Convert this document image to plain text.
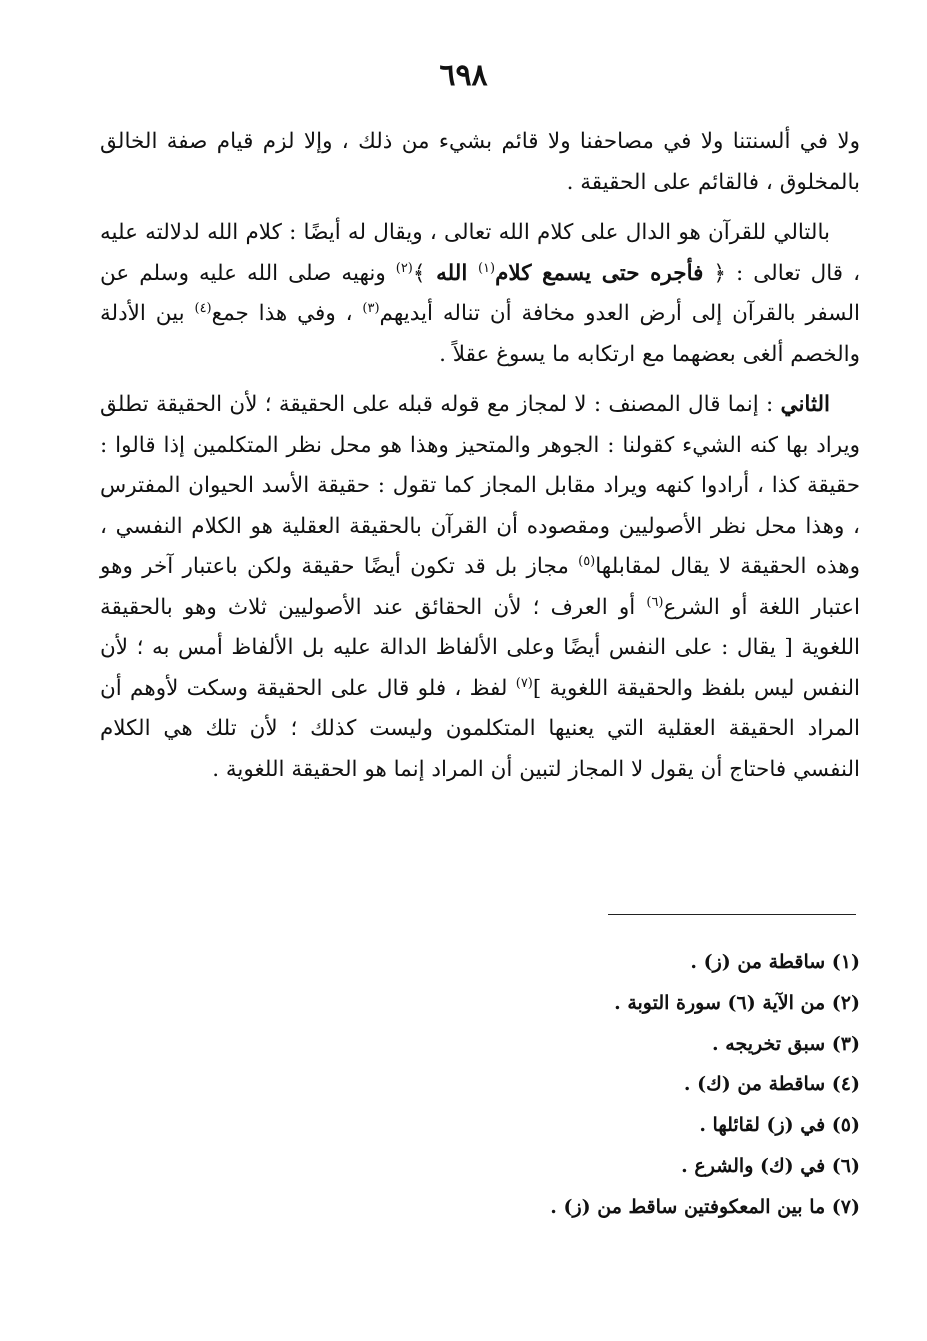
٦٩٨

ولا في ألسنتنا ولا في مصاحفنا ولا قائم بشيء من ذلك ، وإلا لزم قيام صفة الخالق بالمخلوق ، فالقائم على الحقيقة .

بالتالي للقرآن هو الدال على كلام الله تعالى ، ويقال له أيضًا : كلام الله لدلالته عليه ، قال تعالى : ﴿ فأجره حتى يسمع كلام$^{(١)}$ الله ﴾$^{(٢)}$ ونهيه صلى الله عليه وسلم عن السفر بالقرآن إلى أرض العدو مخافة أن تناله أيديهم$^{(٣)}$ ، وفي هذا جمع$^{(٤)}$ بين الأدلة والخصم ألغى بعضهما مع ارتكابه ما يسوغ عقلاً .

الثاني : إنما قال المصنف : لا لمجاز مع قوله قبله على الحقيقة ؛ لأن الحقيقة تطلق ويراد بها كنه الشيء كقولنا : الجوهر والمتحيز وهذا هو محل نظر المتكلمين إذا قالوا : حقيقة كذا ، أرادوا كنهه ويراد مقابل المجاز كما تقول : حقيقة الأسد الحيوان المفترس ، وهذا محل نظر الأصوليين ومقصوده أن القرآن بالحقيقة العقلية هو الكلام النفسي ، وهذه الحقيقة لا يقال لمقابلها$^{(٥)}$ مجاز بل قد تكون أيضًا حقيقة ولكن باعتبار آخر وهو اعتبار اللغة أو الشرع$^{(٦)}$ أو العرف ؛ لأن الحقائق عند الأصوليين ثلاث وهو بالحقيقة اللغوية [ يقال : على النفس أيضًا وعلى الألفاظ الدالة عليه بل الألفاظ أمس به ؛ لأن النفس ليس بلفظ والحقيقة اللغوية ]$^{(٧)}$ لفظ ، فلو قال على الحقيقة وسكت لأوهم أن المراد الحقيقة العقلية التي يعنيها المتكلمون وليست كذلك ؛ لأن تلك هي الكلام النفسي فاحتاج أن يقول لا المجاز لتبين أن المراد إنما هو الحقيقة اللغوية .

(١) ساقطة من (ز) .
(٢) من الآية (٦) سورة التوبة .
(٣) سبق تخريجه .
(٤) ساقطة من (ك) .
(٥) في (ز) لقائلها .
(٦) في (ك) والشرع .
(٧) ما بين المعكوفتين ساقط من (ز) .
